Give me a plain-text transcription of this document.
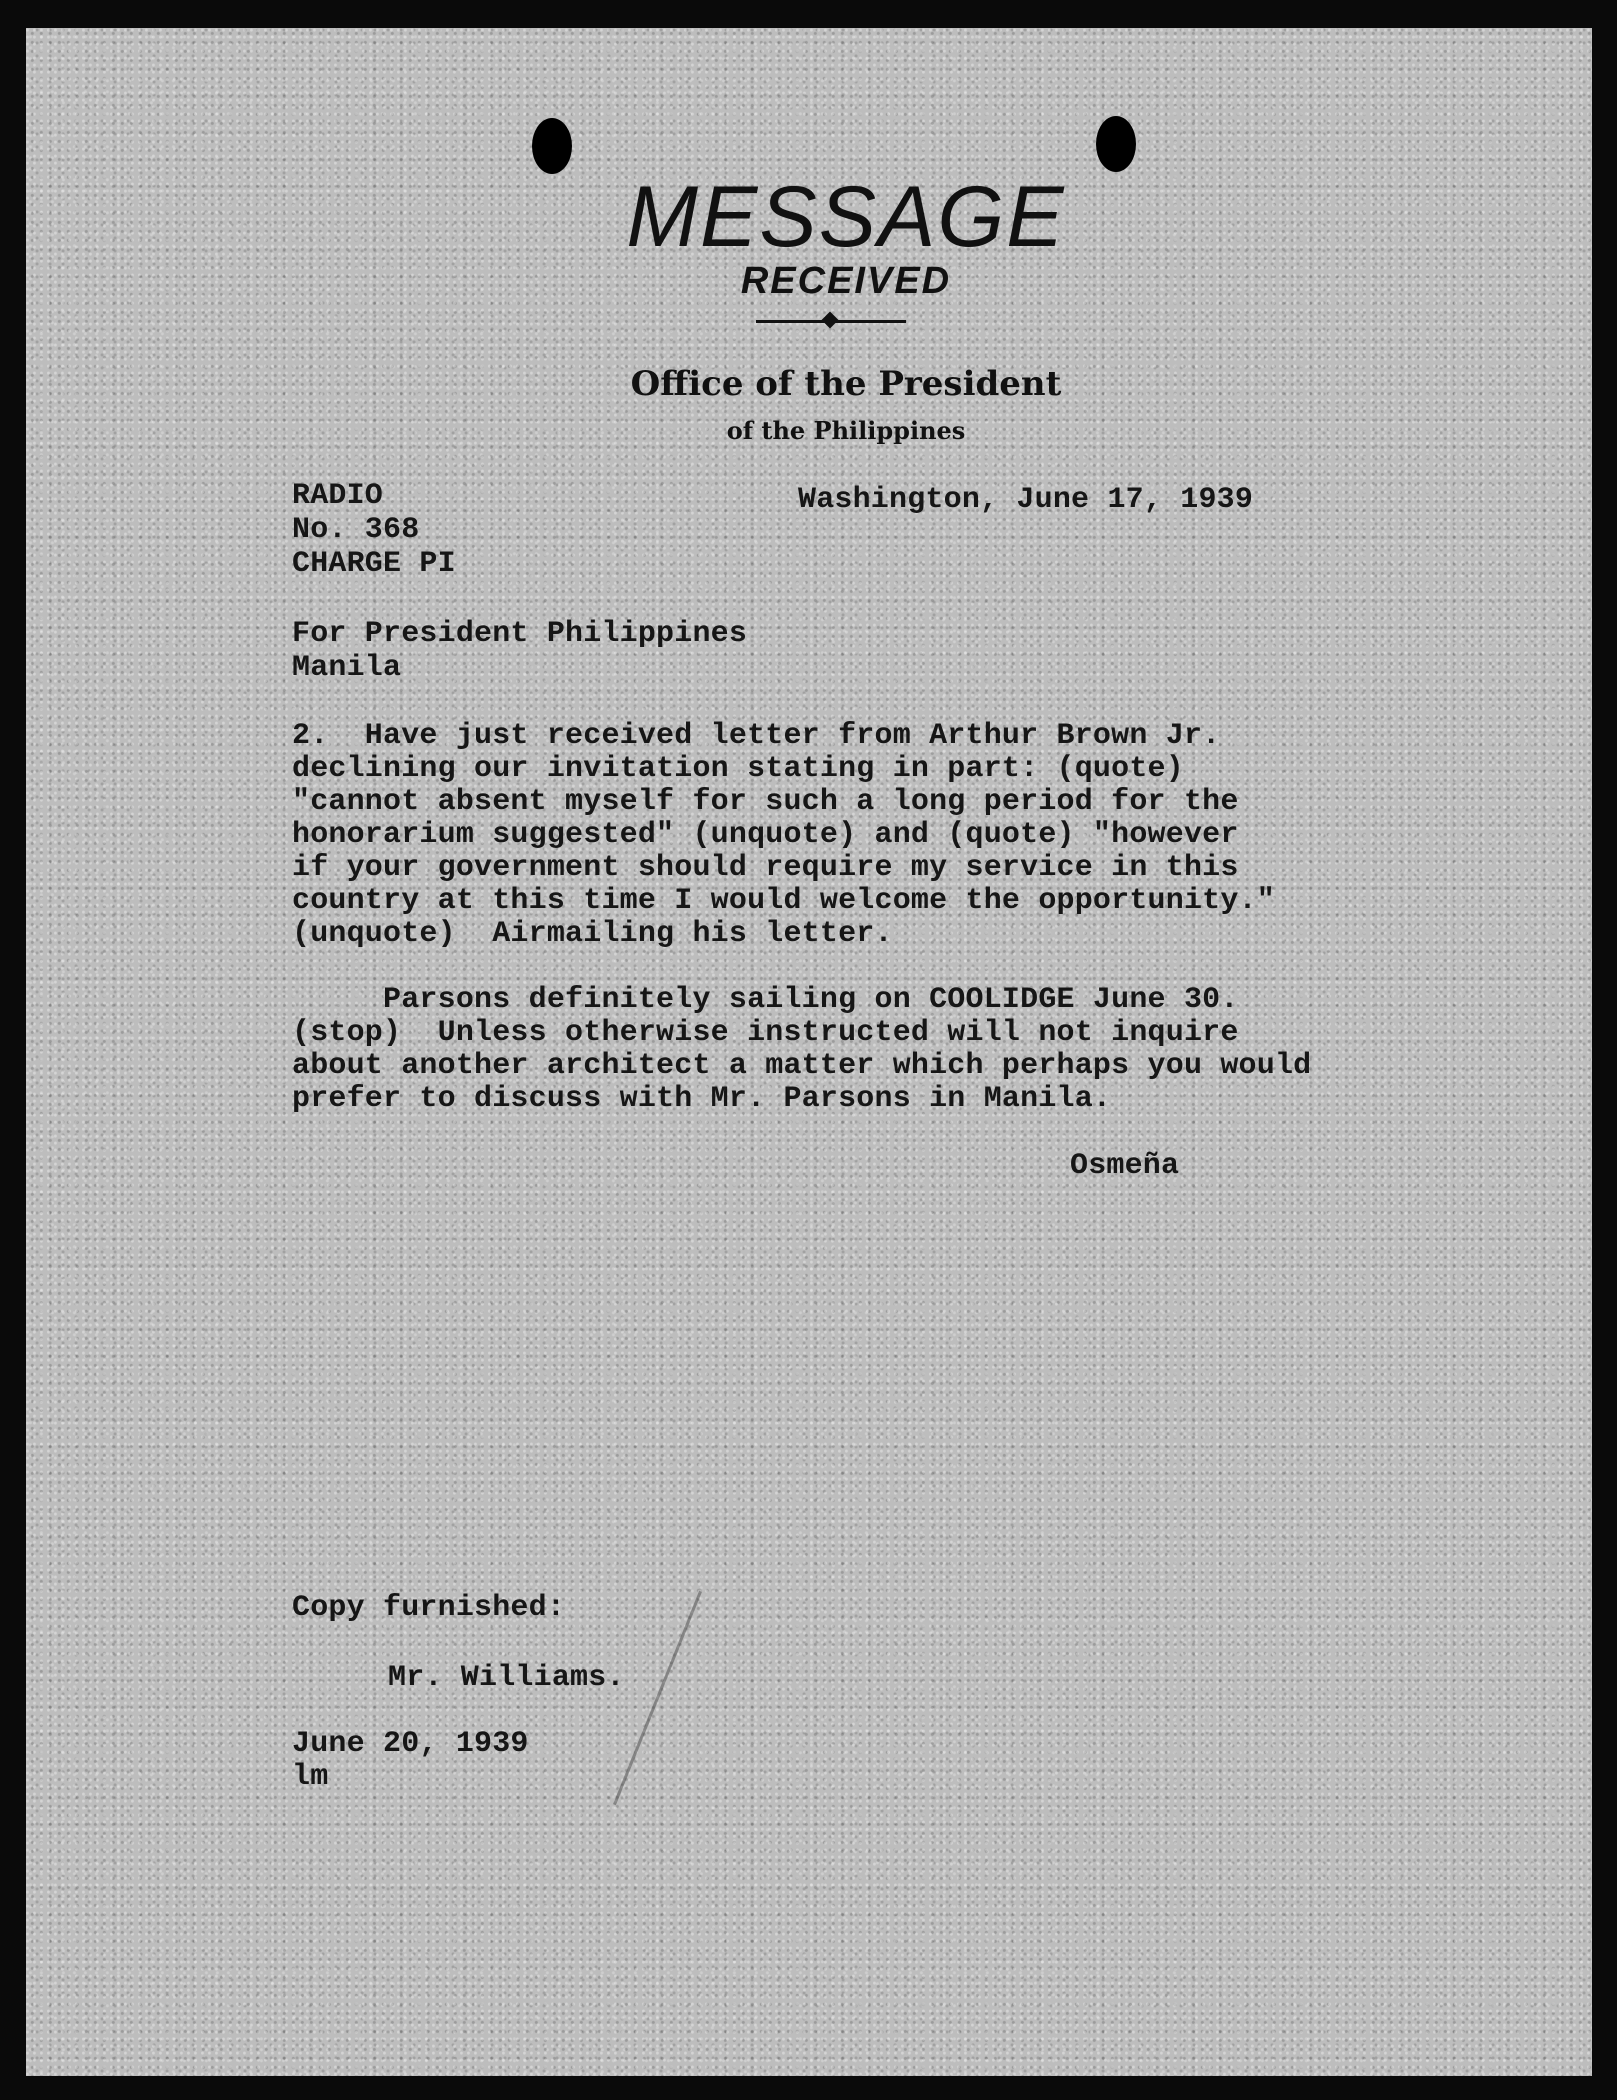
MESSAGE
RECEIVED
Office of the President
of the Philippines
RADIO
No. 368
CHARGE PI
Washington, June 17, 1939
For President Philippines
Manila
2.  Have just received letter from Arthur Brown Jr.
declining our invitation stating in part: (quote)
"cannot absent myself for such a long period for the
honorarium suggested" (unquote) and (quote) "however
if your government should require my service in this
country at this time I would welcome the opportunity."
(unquote)  Airmailing his letter.
Parsons definitely sailing on COOLIDGE June 30.
(stop)  Unless otherwise instructed will not inquire
about another architect a matter which perhaps you would
prefer to discuss with Mr. Parsons in Manila.
Osmeña
Copy furnished:
Mr. Williams.
June 20, 1939
lm
